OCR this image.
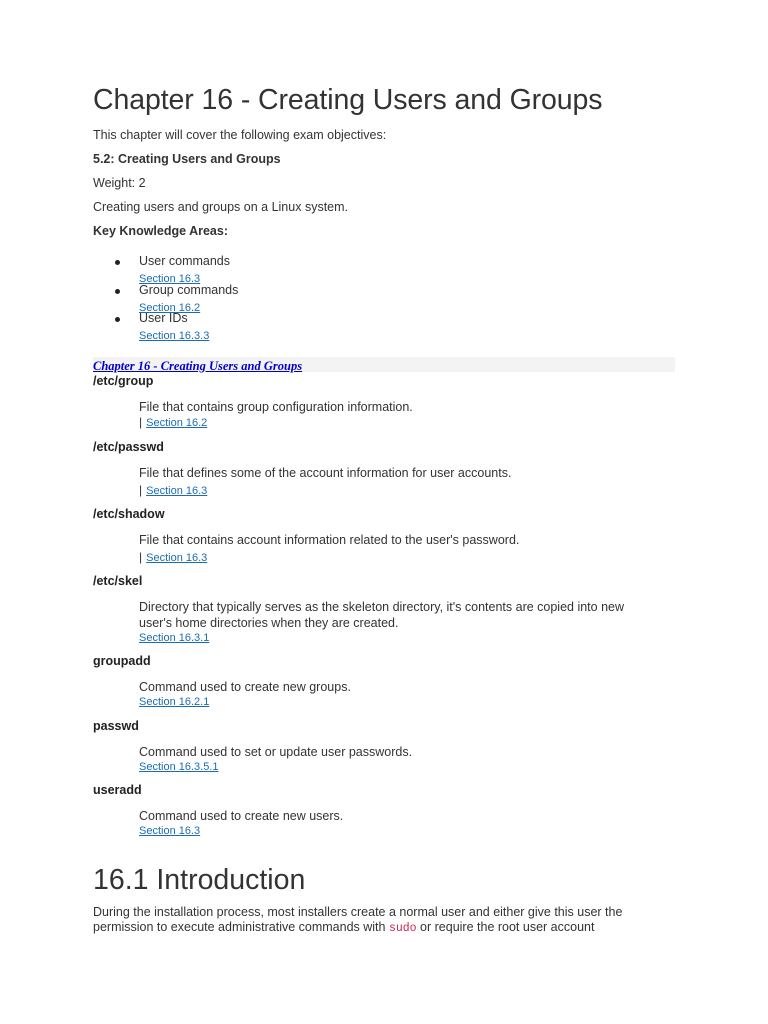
Chapter 16 - Creating Users and Groups

This chapter will cover the following exam objectives:

5.2: Creating Users and Groups

Weight: 2

Creating users and groups on a Linux system.

Key Knowledge Areas:

User commands
Section 16.3
Group commands
Section 16.2
User IDs
Section 16.3.3
Chapter 16 - Creating Users and Groups

/etc/group

File that contains group configuration information.
| Section 16.2

/etc/passwd

File that defines some of the account information for user accounts.
| Section 16.3

/etc/shadow

File that contains account information related to the user's password.
| Section 16.3

/etc/skel

Directory that typically serves as the skeleton directory, it's contents are copied into new
user's home directories when they are created.
Section 16.3.1

groupadd

Command used to create new groups.
Section 16.2.1

passwd

Command used to set or update user passwords.
Section 16.3.5.1

useradd

Command used to create new users.
Section 16.3
16.1 Introduction
During the installation process, most installers create a normal user and either give this user the
permission to execute administrative commands with sudo or require the root user account
